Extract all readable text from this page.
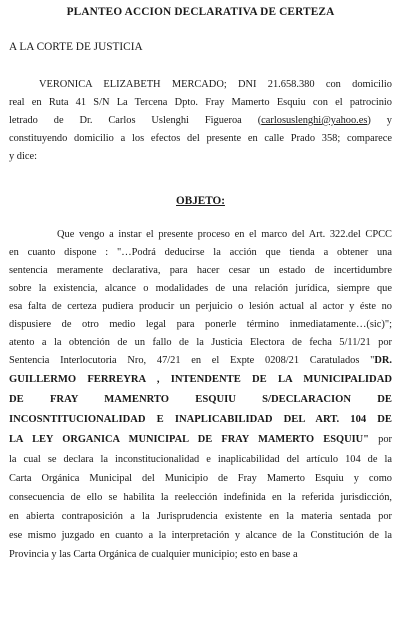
PLANTEO ACCION DECLARATIVA DE CERTEZA
A LA CORTE DE JUSTICIA
VERONICA ELIZABETH MERCADO; DNI 21.658.380 con domicilio
real en Ruta 41 S/N La Tercena Dpto. Fray Mamerto Esquiu con el patrocinio
letrado de Dr. Carlos Uslenghi Figueroa (carlosuslenghi@yahoo.es) y
constituyendo domicilio a los efectos del presente en calle Prado 358; comparece
y dice:
OBJETO:
Que vengo a instar el presente proceso en el marco del Art. 322.del CPCC
en cuanto dispone : "…Podrá deducirse la acción que tienda a obtener una
sentencia meramente declarativa, para hacer cesar un estado de incertidumbre
sobre la existencia, alcance o modalidades de una relación jurídica, siempre que
esa falta de certeza pudiera producir un perjuicio o lesión actual al actor y éste no
dispusiere de otro medio legal para ponerle término inmediatamente…(sic)";
atento a la obtención de un fallo de la Justicia Electora de fecha 5/11/21 por
Sentencia Interlocutoria Nro, 47/21 en el Expte 0208/21 Caratulados "DR.
GUILLERMO FERREYRA , INTENDENTE DE LA MUNICIPALIDAD
DE FRAY MAMENRTO ESQUIU S/DECLARACION DE
INCOSNTITUCIONALIDAD E INAPLICABILIDAD DEL ART. 104 DE
LA LEY ORGANICA MUNICIPAL DE FRAY MAMERTO ESQUIU" por
la cual se declara la inconstitucionalidad e inaplicabilidad del artículo 104 de la
Carta Orgánica Municipal del Municipio de Fray Mamerto Esquiu y como
consecuencia de ello se habilita la reelección indefinida en la referida jurisdicción,
en abierta contraposición a la Jurisprudencia existente en la materia sentada por
ese mismo juzgado en cuanto a la interpretación y alcance de la Constitución de la
Provincia y las Carta Orgánica de cualquier municipio; esto en base a
